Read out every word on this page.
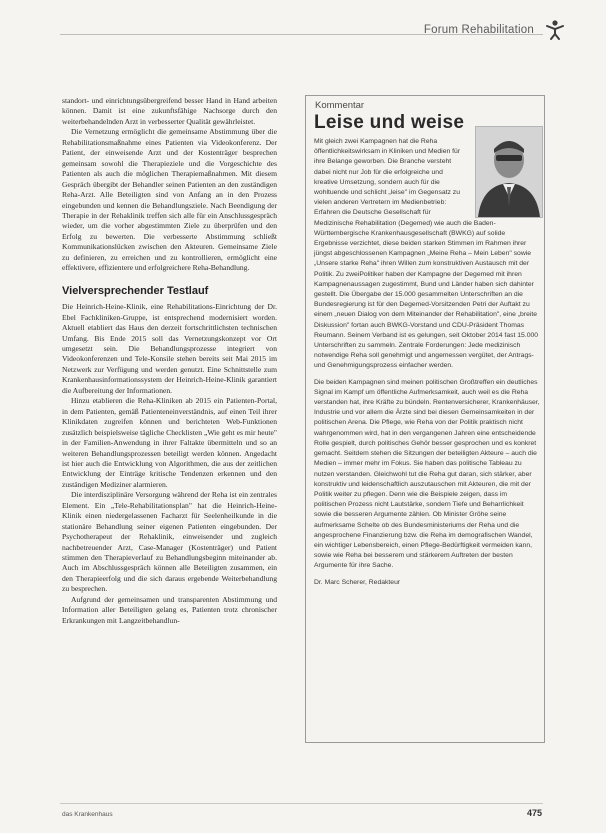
Forum Rehabilitation

standort- und einrichtungsübergreifend besser Hand in Hand arbeiten können. Damit ist eine zukunftsfähige Nachsorge durch den weiterbehandelnden Arzt in verbesserter Qualität gewährleistet.

Die Vernetzung ermöglicht die gemeinsame Abstimmung über die Rehabilitationsmaßnahme eines Patienten via Videokonferenz. Der Patient, der einweisende Arzt und der Kostenträger besprechen gemeinsam sowohl die Therapieziele und die Vorgeschichte des Patienten als auch die möglichen Therapiemaßnahmen. Mit diesem Gespräch übergibt der Behandler seinen Patienten an den zuständigen Reha-Arzt. Alle Beteiligten sind von Anfang an in den Prozess eingebunden und kennen die Behandlungsziele. Nach Beendigung der Therapie in der Rehaklinik treffen sich alle für ein Anschlussgespräch wieder, um die vorher abgestimmten Ziele zu überprüfen und den Erfolg zu bewerten. Die verbesserte Abstimmung schließt Kommunikationslücken zwischen den Akteuren. Gemeinsame Ziele zu definieren, zu erreichen und zu kontrollieren, ermöglicht eine effektivere, effizientere und erfolgreichere Reha-Behandlung.

Vielversprechender Testlauf

Die Heinrich-Heine-Klinik, eine Rehabilitations-Einrichtung der Dr. Ebel Fachkliniken-Gruppe, ist entsprechend modernisiert worden. Aktuell etabliert das Haus den derzeit fortschrittlichsten technischen Umfang. Bis Ende 2015 soll das Vernetzungskonzept vor Ort umgesetzt sein. Die Behandlungsprozesse integriert von Videokonferenzen und Tele-Konsile stehen bereits seit Mai 2015 im Netzwerk zur Verfügung und werden genutzt. Eine Schnittstelle zum Krankenhausinformationssystem der Heinrich-Heine-Klinik garantiert die Aufbereitung der Informationen.

Hinzu etablieren die Reha-Kliniken ab 2015 ein Patienten-Portal, in dem Patienten, gemäß Patienteneinverständnis, auf einen Teil ihrer Klinikdaten zugreifen können und berichteten Web-Funktionen zusätzlich beispielsweise tägliche Checklisten „Wie geht es mir heute" in der Familien-Anwendung in ihrer Faltakte übermitteln und so an weiteren Behandlungsprozessen beteiligt werden können. Angedacht ist hier auch die Entwicklung von Algorithmen, die aus der zeitlichen Entwicklung der Einträge kritische Tendenzen erkennen und den zuständigen Mediziner alarmieren.

Die interdisziplinäre Versorgung während der Reha ist ein zentrales Element. Ein „Tele-Rehabilitationsplan" hat die Heinrich-Heine-Klinik einen niedergelassenen Facharzt für Seelenheilkunde in die stationäre Behandlung seiner eigenen Patienten eingebunden. Der Psychotherapeut der Rehaklinik, einweisender und zugleich nachbetreuender Arzt, Case-Manager (Kostenträger) und Patient stimmen den Therapieverlauf zu Behandlungsbeginn miteinander ab. Auch im Abschlussgespräch können alle Beteiligten zusammen, ein den Therapieerfolg und die sich daraus ergebende Weiterbehandlung zu besprechen.

Aufgrund der gemeinsamen und transparenten Abstimmung und Information aller Beteiligten gelang es, Patienten trotz chronischer Erkrankungen mit Langzeitbehandlun-

Kommentar
Leise und weise

Mit gleich zwei Kampagnen hat die Reha öffentlichkeitswirksam in Kliniken und Medien für ihre Belange geworben. Die Branche versteht dabei nicht nur Job für die erfolgreiche und kreative Umsetzung, sondern auch für die wohltuende und schlicht „leise" im Gegensatz zu vielen anderen Vertretern im Medienbetrieb: Erfahren die Deutsche Gesellschaft für
Medizinische Rehabilitation (Degemed) wie auch die Baden-Württembergische Krankenhausgesellschaft (BWKG) auf solide Ergebnisse verzichtet, diese beiden starken Stimmen im Rahmen ihrer jüngst abgeschlossenen Kampagnen „Meine Reha – Mein Leben" sowie „Unsere starke Reha" ihren Willen zum konstruktiven Austausch mit der Politik. Zu zweiPolitiker haben der Kampagne der Degemed mit ihren Kampagnenaussagen zugestimmt, Bund und Länder haben sich dahinter gestellt. Die Übergabe der 15.000 gesammelten Unterschriften an die Bundesregierung ist für den Degemed-Vorsitzenden Petri der Auftakt zu einem „neuen Dialog von dem Miteinander der Rehabilitation", eine „breite Diskussion" fortan auch BWKG-Vorstand und CDU-Präsident Thomas Reumann. Seinem Verband ist es gelungen, seit Oktober 2014 fast 15.000 Unterschriften zu sammeln. Zentrale Forderungen: Jede medizinisch notwendige Reha soll genehmigt und angemessen vergütet, der Antrags- und Genehmigungsprozess einfacher werden.

Die beiden Kampagnen sind meinen politischen Großtreffen ein deutliches Signal im Kampf um öffentliche Aufmerksamkeit, auch weil es die Reha verstanden hat, ihre Kräfte zu bündeln. Rentenversicherer, Krankenhäuser, Industrie und vor allem die Ärzte sind bei diesen Gemeinsamkeiten in der politischen Arena. Die Pflege, wie Reha von der Politik praktisch nicht wahrgenommen wird, hat in den vergangenen Jahren eine entscheidende Rolle gespielt, durch politisches Gehör besser gesprochen und es konkret gemacht. Seitdem stehen die Sitzungen der beteiligten Akteure – auch die Medien – immer mehr im Fokus. Sie haben das politische Tableau zu nutzen verstanden. Gleichwohl tut die Reha gut daran, sich stärker, aber konstruktiv und leidenschaftlich auszutauschen mit Akteuren, die mit der Politik weiter zu pflegen. Denn wie die Beispiele zeigen, dass im politischen Prozess nicht Lautstärke, sondern Tiefe und Beharrlichkeit sowie die besseren Argumente zählen. Ob Minister Gröhe seine aufmerksame Schelte ob des Bundesministeriums der Reha und die angesprochene Finanzierung bzw. die Reha im demografischen Wandel, ein wichtiger Lebensbereich, einen Pflege-Bedürftigkeit vermeiden kann, sowie wie Reha bei besserem und stärkerem Auftreten der besten Argumente für ihre Sache.

Dr. Marc Scherer, Redakteur

das Krankenhaus	475
